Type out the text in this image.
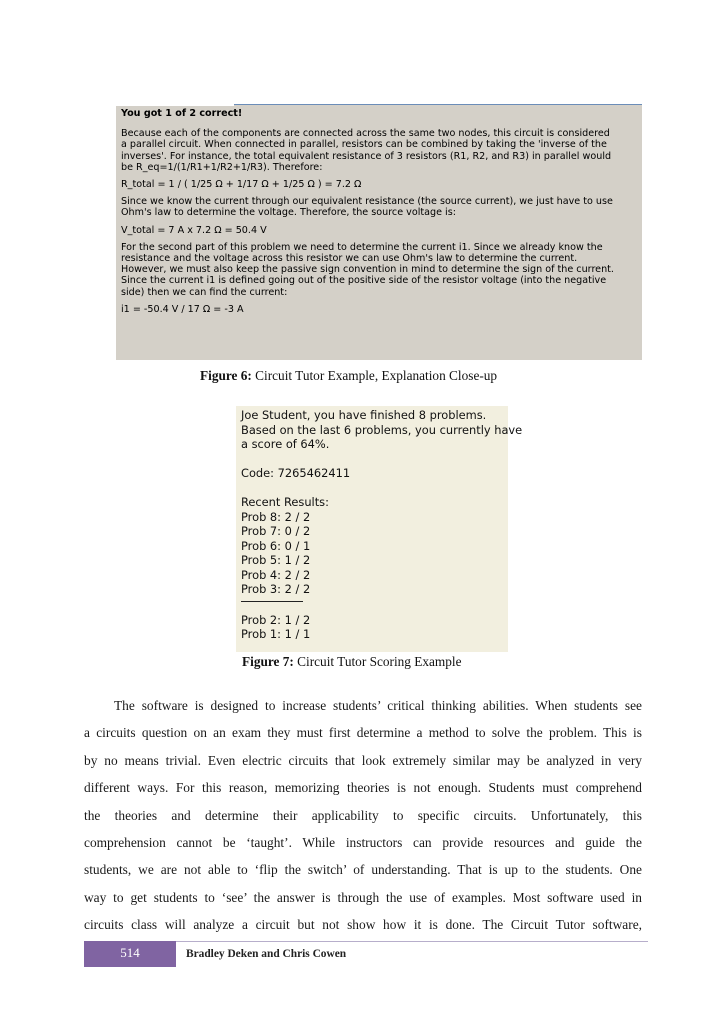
You got 1 of 2 correct!

Because each of the components are connected across the same two nodes, this circuit is considered
a parallel circuit. When connected in parallel, resistors can be combined by taking the 'inverse of the
inverses'. For instance, the total equivalent resistance of 3 resistors (R1, R2, and R3) in parallel would
be R_eq=1/(1/R1+1/R2+1/R3). Therefore:

R_total = 1 / ( 1/25 Ω + 1/17 Ω + 1/25 Ω ) = 7.2 Ω

Since we know the current through our equivalent resistance (the source current), we just have to use
Ohm's law to determine the voltage. Therefore, the source voltage is:

V_total = 7 A x 7.2 Ω = 50.4 V

For the second part of this problem we need to determine the current i1. Since we already know the
resistance and the voltage across this resistor we can use Ohm's law to determine the current.
However, we must also keep the passive sign convention in mind to determine the sign of the current.
Since the current i1 is defined going out of the positive side of the resistor voltage (into the negative
side) then we can find the current:

i1 = -50.4 V / 17 Ω = -3 A

Figure 6: Circuit Tutor Example, Explanation Close-up
Joe Student, you have finished 8 problems.
Based on the last 6 problems, you currently have
a score of 64%.
Code: 7265462411
Recent Results:
Prob 8: 2 / 2
Prob 7: 0 / 2
Prob 6: 0 / 1
Prob 5: 1 / 2
Prob 4: 2 / 2
Prob 3: 2 / 2
Prob 2: 1 / 2
Prob 1: 1 / 1
Figure 7: Circuit Tutor Scoring Example
The software is designed to increase students’ critical thinking abilities. When students see
a circuits question on an exam they must first determine a method to solve the problem. This is
by no means trivial. Even electric circuits that look extremely similar may be analyzed in very
different ways. For this reason, memorizing theories is not enough. Students must comprehend
the theories and determine their applicability to specific circuits. Unfortunately, this
comprehension cannot be ‘taught’. While instructors can provide resources and guide the
students, we are not able to ‘flip the switch’ of understanding. That is up to the students. One
way to get students to ‘see’ the answer is through the use of examples. Most software used in
circuits class will analyze a circuit but not show how it is done. The Circuit Tutor software,
514	Bradley Deken and Chris Cowen
